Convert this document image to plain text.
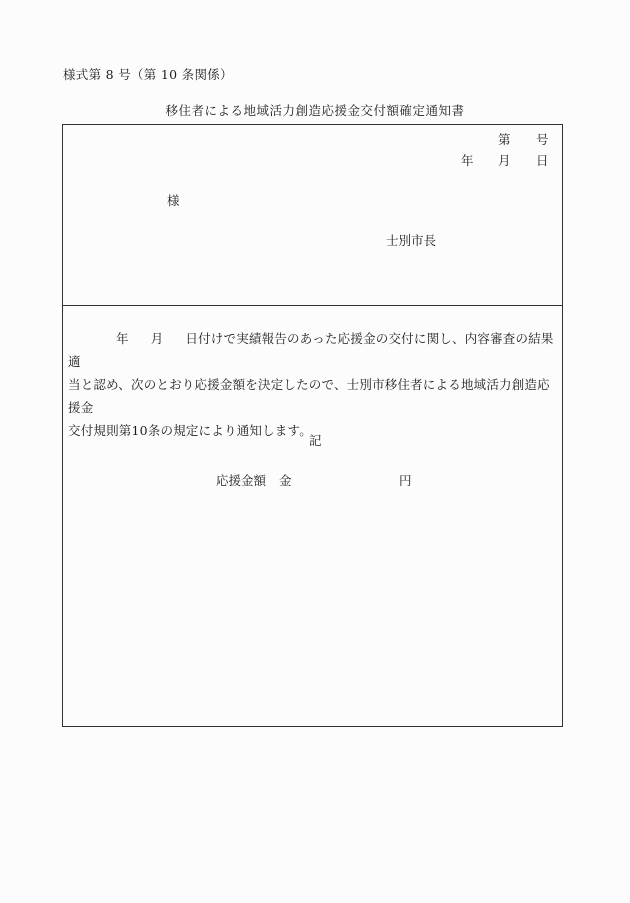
様式第 8 号（第 10 条関係）
移住者による地域活力創造応援金交付額確定通知書
第 号
年 月 日
様
士別市長
年 月 日付けで実績報告のあった応援金の交付に関し、内容審査の結果適
当と認め、次のとおり応援金額を決定したので、士別市移住者による地域活力創造応援金
交付規則第10条の規定により通知します。
記
応援金額 金	円
